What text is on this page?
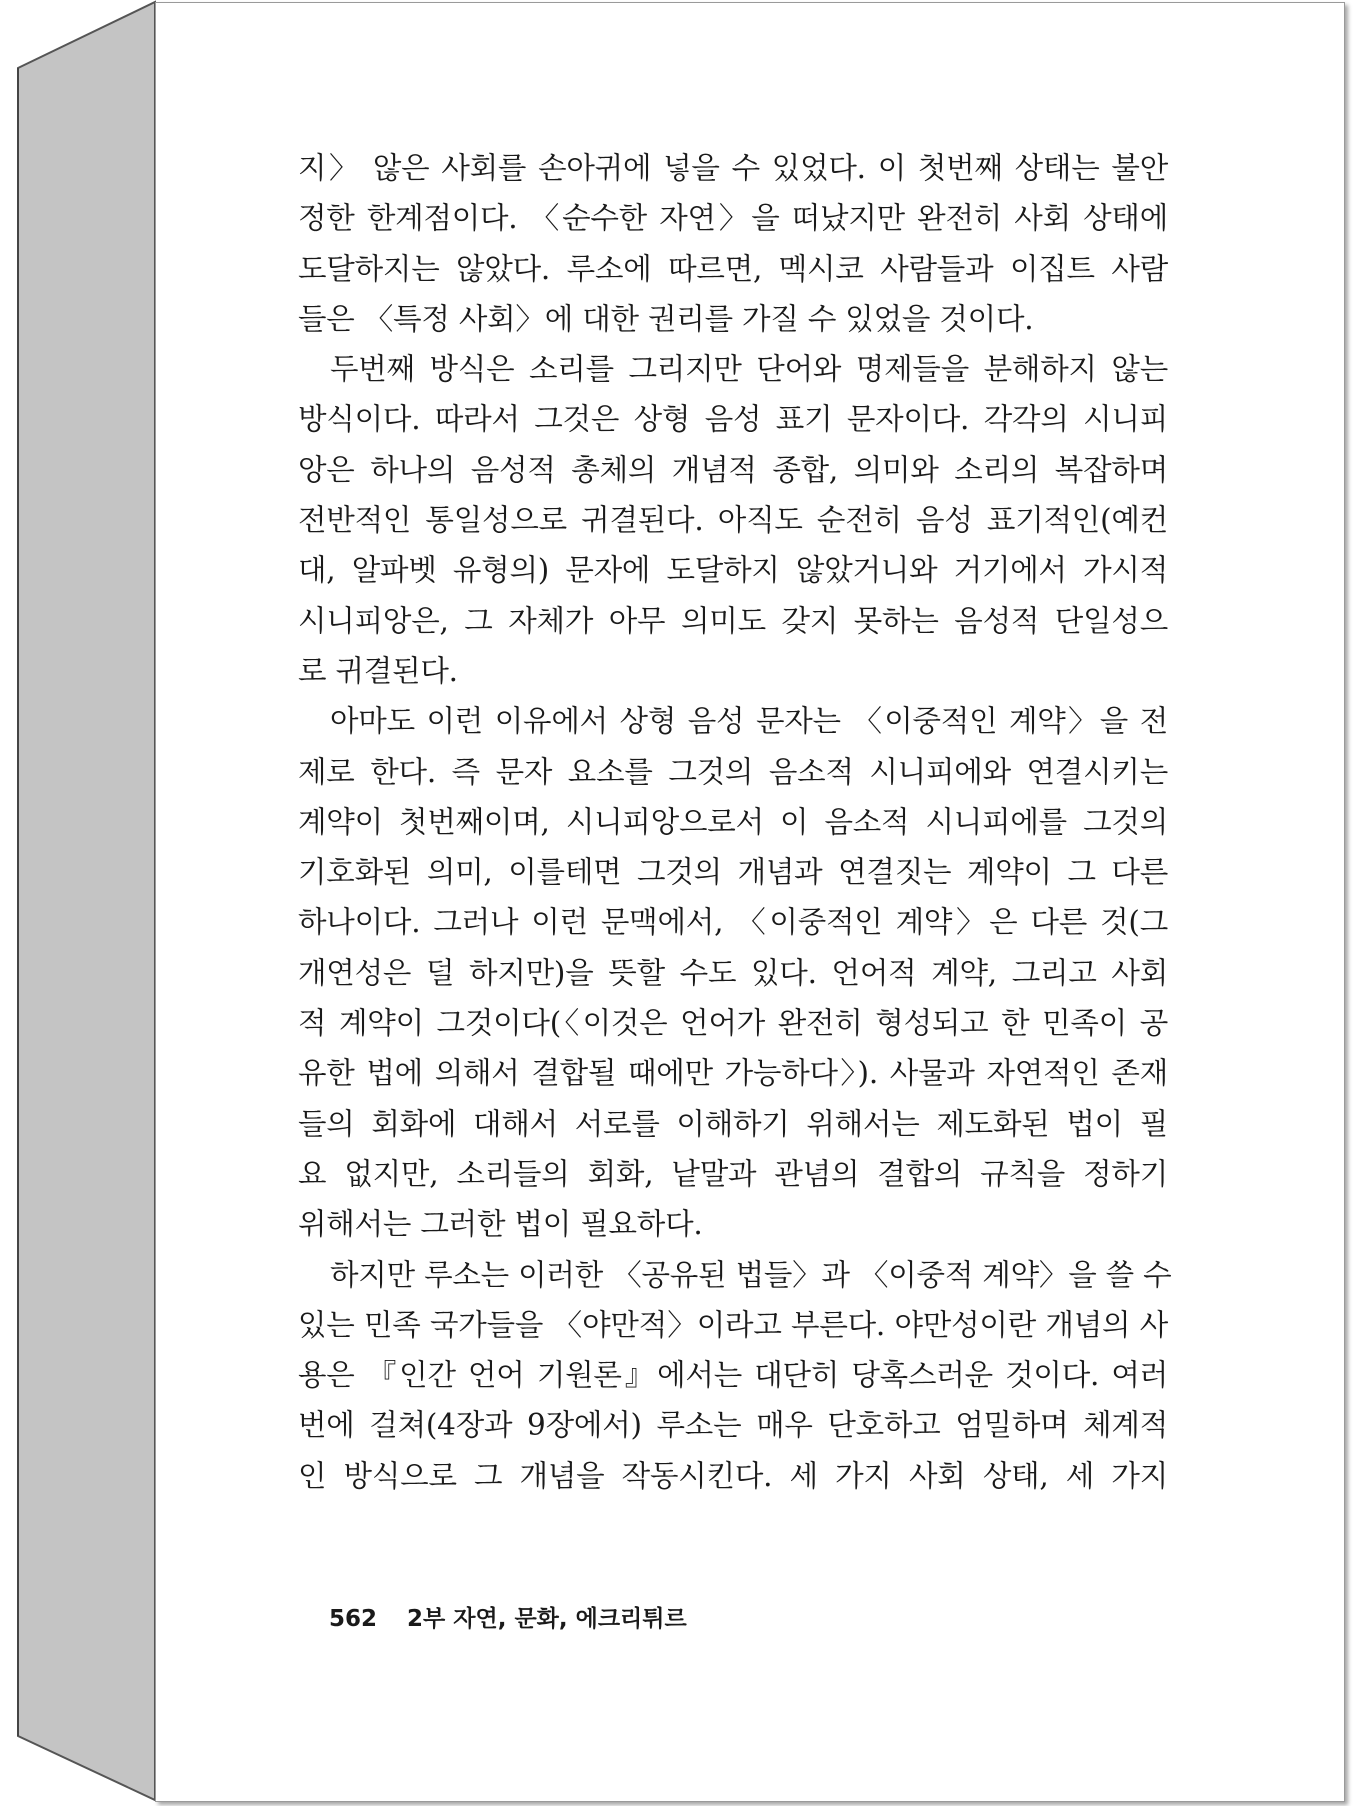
지〉 않은 사회를 손아귀에 넣을 수 있었다. 이 첫번째 상태는 불안
정한 한계점이다. 〈순수한 자연〉을 떠났지만 완전히 사회 상태에
도달하지는 않았다. 루소에 따르면, 멕시코 사람들과 이집트 사람
들은 〈특정 사회〉에 대한 권리를 가질 수 있었을 것이다.
두번째 방식은 소리를 그리지만 단어와 명제들을 분해하지 않는
방식이다. 따라서 그것은 상형 음성 표기 문자이다. 각각의 시니피
앙은 하나의 음성적 총체의 개념적 종합, 의미와 소리의 복잡하며
전반적인 통일성으로 귀결된다. 아직도 순전히 음성 표기적인(예컨
대, 알파벳 유형의) 문자에 도달하지 않았거니와 거기에서 가시적
시니피앙은, 그 자체가 아무 의미도 갖지 못하는 음성적 단일성으
로 귀결된다.
아마도 이런 이유에서 상형 음성 문자는 〈이중적인 계약〉을 전
제로 한다. 즉 문자 요소를 그것의 음소적 시니피에와 연결시키는
계약이 첫번째이며, 시니피앙으로서 이 음소적 시니피에를 그것의
기호화된 의미, 이를테면 그것의 개념과 연결짓는 계약이 그 다른
하나이다. 그러나 이런 문맥에서, 〈이중적인 계약〉은 다른 것(그
개연성은 덜 하지만)을 뜻할 수도 있다. 언어적 계약, 그리고 사회
적 계약이 그것이다(〈이것은 언어가 완전히 형성되고 한 민족이 공
유한 법에 의해서 결합될 때에만 가능하다〉). 사물과 자연적인 존재
들의 회화에 대해서 서로를 이해하기 위해서는 제도화된 법이 필
요 없지만, 소리들의 회화, 낱말과 관념의 결합의 규칙을 정하기
위해서는 그러한 법이 필요하다.
하지만 루소는 이러한 〈공유된 법들〉과 〈이중적 계약〉을 쓸 수
있는 민족 국가들을 〈야만적〉이라고 부른다. 야만성이란 개념의 사
용은 『인간 언어 기원론』에서는 대단히 당혹스러운 것이다. 여러
번에 걸쳐(4장과 9장에서) 루소는 매우 단호하고 엄밀하며 체계적
인 방식으로 그 개념을 작동시킨다. 세 가지 사회 상태, 세 가지
562 2부 자연, 문화, 에크리튀르
